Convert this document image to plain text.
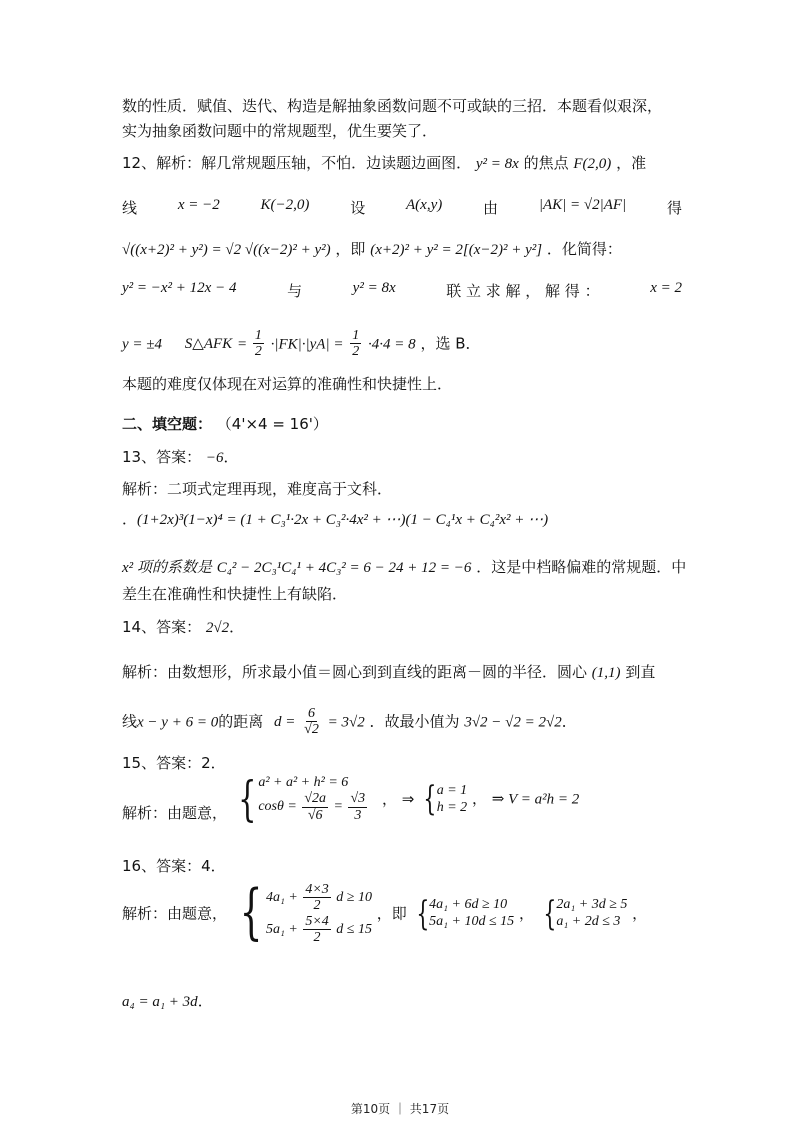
数的性质．赋值、迭代、构造是解抽象函数问题不可或缺的三招．本题看似艰深，
实为抽象函数问题中的常规题型，优生要笑了．
12、解析：解几常规题压轴，不怕．边读题边画图． y² = 8x 的焦点 F(2,0) ，准
线	x = −2	K(−2,0)	设	A(x,y)	由	|AK| = √2|AF|	得
√((x+2)² + y²) = √2 √((x−2)² + y²) ，即 (x+2)² + y² = 2[(x−2)² + y²] ．化简得：
y² = −x² + 12x − 4	与	y² = 8x	联 立 求 解 ， 解 得 ：	x = 2
y = ±4 S△AFK = $\frac{1}{2} \cdot|FK|\cdot|yA| = \frac{1}{2} \cdot 4\cdot 4 = 8$ ，选 B．
本题的难度仅体现在对运算的准确性和快捷性上．
二、填空题： （4'×4 = 16'）
13、答案： −6．
解析：二项式定理再现，难度高于文科．
．(1+2x)³(1−x)⁴ = (1 + C₃¹·2x + C₃²·4x² + ⋯)(1 − C₄¹x + C₄²x² + ⋯)
x² 项的系数是 C₄² − 2C₃¹C₄¹ + 4C₃² = 6 − 24 + 12 = −6 ．这是中档略偏难的常规题．中
差生在准确性和快捷性上有缺陷．
14、答案： 2√2．
解析：由数想形，所求最小值＝圆心到到直线的距离－圆的半径．圆心 (1,1) 到直
线x − y + 6 = 0的距离 $d = \frac{6}{√2} = 3√2$ ．故最小值为 3√2 − √2 = 2√2．
15、答案：2．
解析：由题意， { a² + a² + h² = 6
$\cos\theta = \frac{√2a}{√6} = \frac{√3}{3}$ ， ⇒ { a = 1
h = 2 ， ⇒ V = a²h = 2
16、答案：4．
解析：由题意， { $4a_1 + \frac{4\times 3}{2}$ d ≥ 10
$5a_1 + \frac{5\times 4}{2}$ d ≤ 15
，即 { 4a₁ + 6d ≥ 10
5a₁ + 10d ≤ 15 ， { 2a₁ + 3d ≥ 5
a₁ + 2d ≤ 3 ，
a₄ = a₁ + 3d．
第10页 ｜ 共17页
